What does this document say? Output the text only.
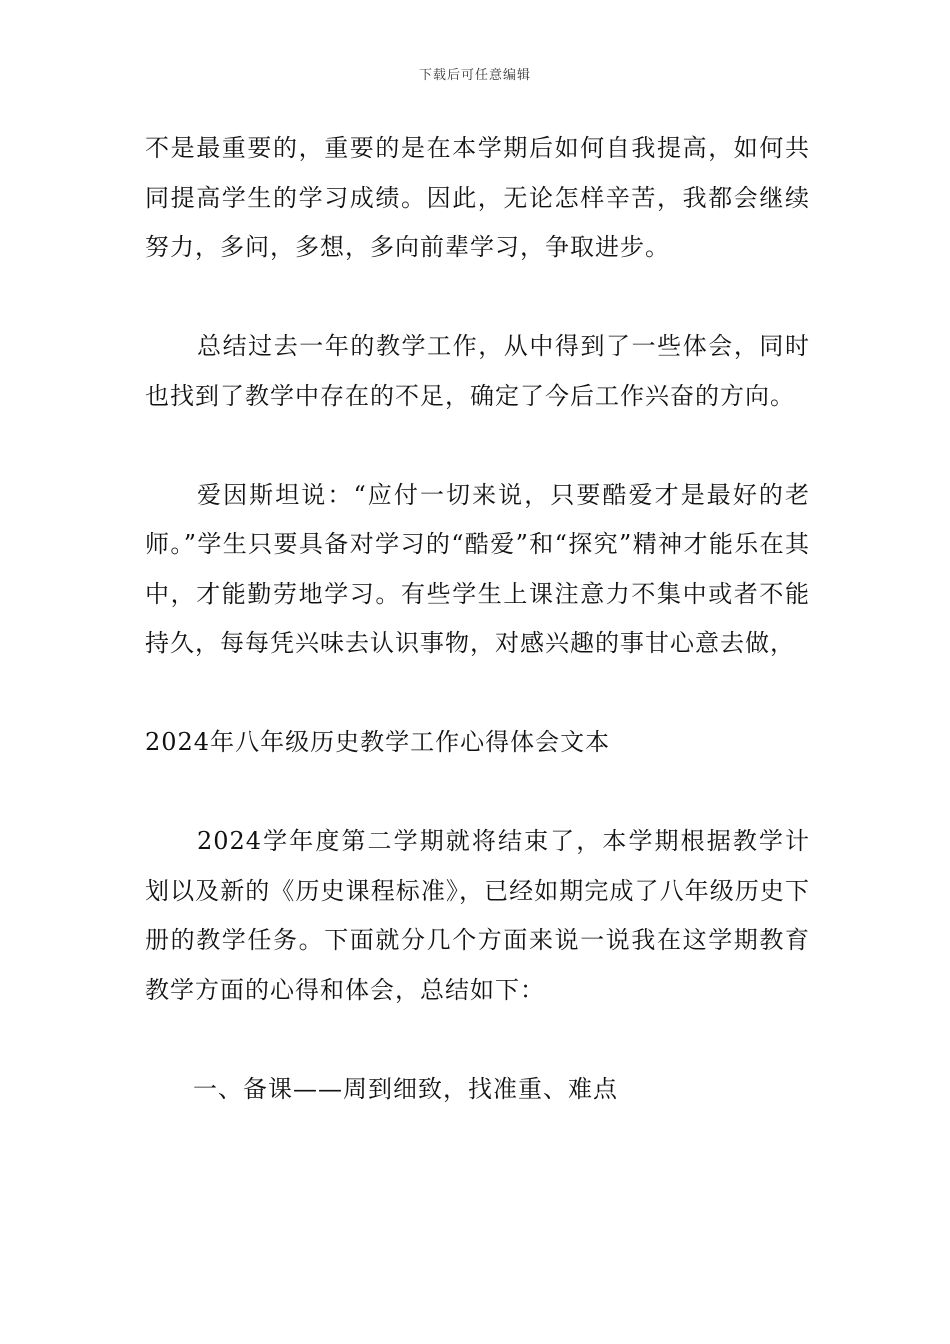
下载后可任意编辑

不是最重要的，重要的是在本学期后如何自我提高，如何共同提高学生的学习成绩。因此，无论怎样辛苦，我都会继续努力，多问，多想，多向前辈学习，争取进步。

总结过去一年的教学工作，从中得到了一些体会，同时也找到了教学中存在的不足，确定了今后工作兴奋的方向。

爱因斯坦说：“应付一切来说，只要酷爱才是最好的老师。”学生只要具备对学习的“酷爱”和“探究”精神才能乐在其中，才能勤劳地学习。有些学生上课注意力不集中或者不能持久，每每凭兴味去认识事物，对感兴趣的事甘心意去做，

2024年八年级历史教学工作心得体会文本

2024学年度第二学期就将结束了，本学期根据教学计划以及新的《历史课程标准》，已经如期完成了八年级历史下册的教学任务。下面就分几个方面来说一说我在这学期教育教学方面的心得和体会，总结如下：

一、备课——周到细致，找准重、难点
